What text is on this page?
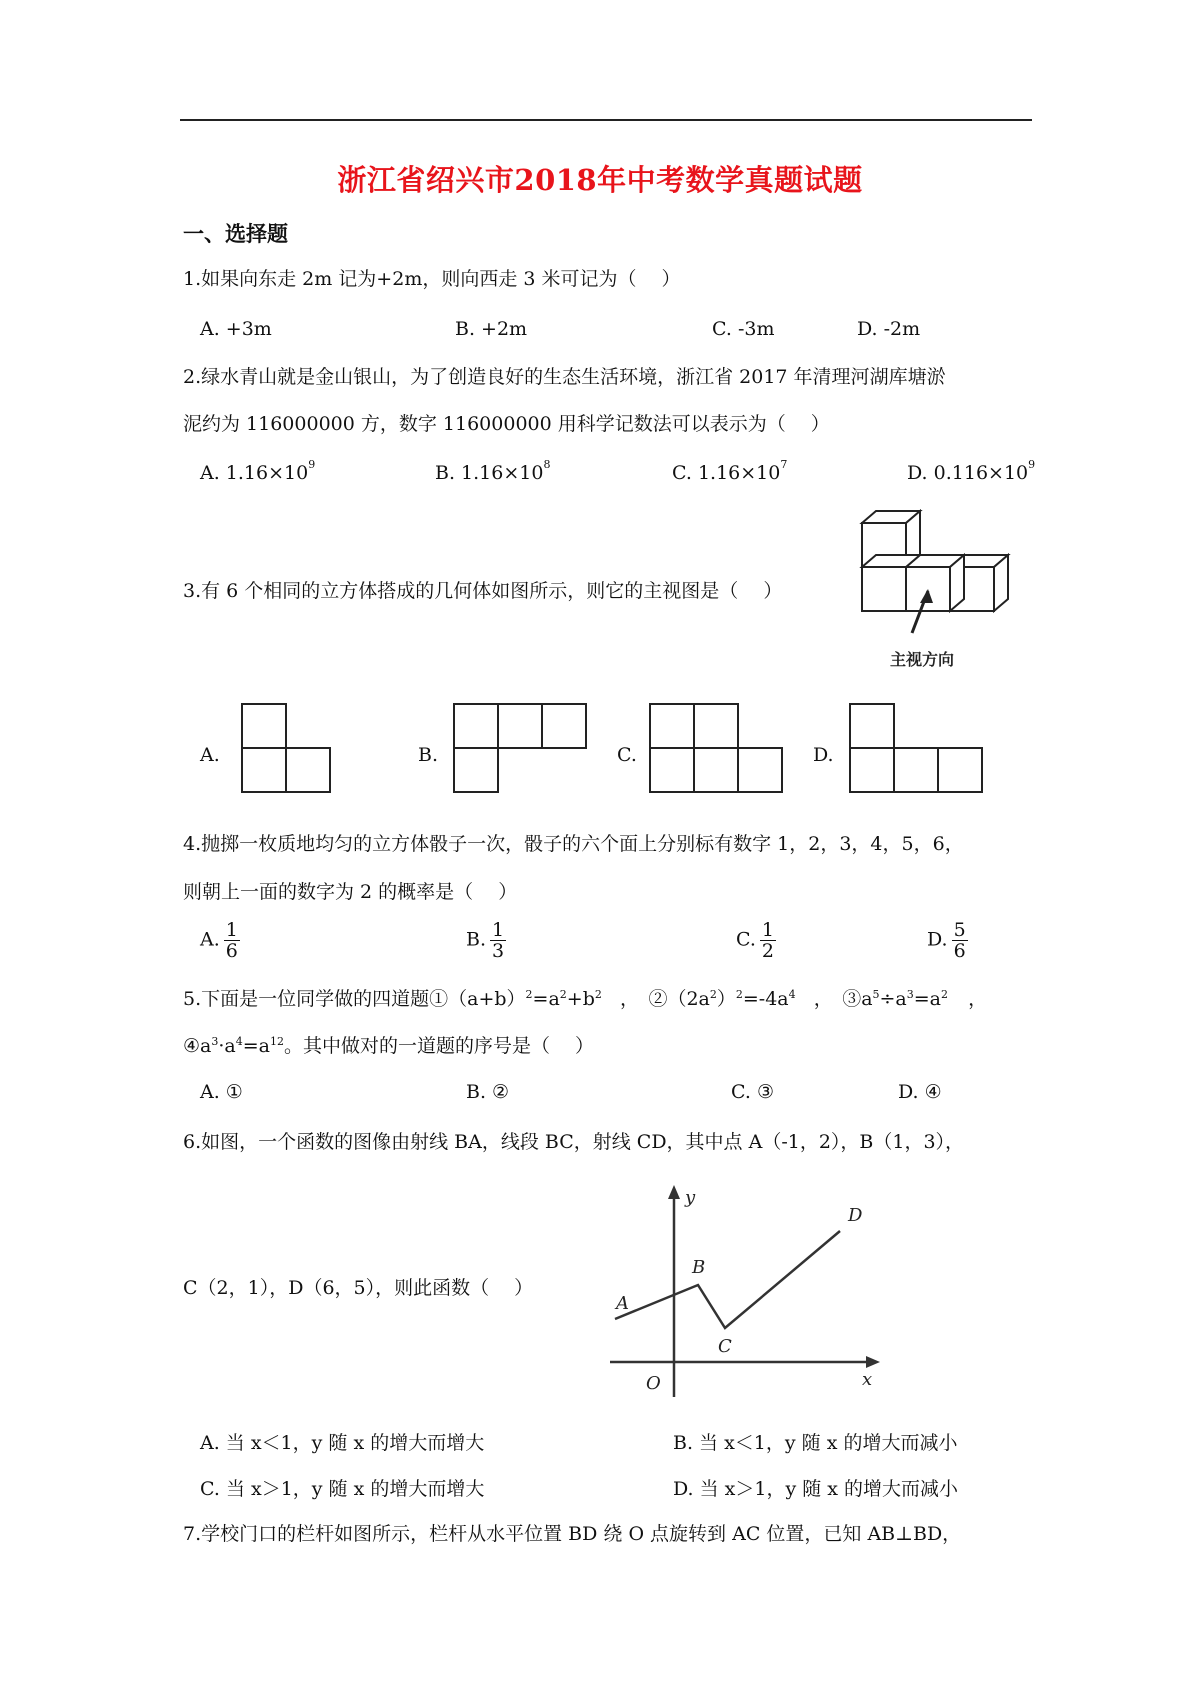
浙江省绍兴市2018年中考数学真题试题
一、选择题
1.如果向东走 2m 记为+2m，则向西走 3 米可记为（　 ）
A. +3m	B. +2m	C. -3m	D. -2m
2.绿水青山就是金山银山，为了创造良好的生态生活环境，浙江省 2017 年清理河湖库塘淤
泥约为 116000000 方，数字 116000000 用科学记数法可以表示为（　 ）
A. $1.16\times 10^9$	B. $1.16\times 10^8$	C. $1.16\times 10^7$	D. $0.116\times 10^9$
3.有 6 个相同的立方体搭成的几何体如图所示，则它的主视图是（　 ）
主视方向
A.	B.	C.	D.
4.抛掷一枚质地均匀的立方体骰子一次，骰子的六个面上分别标有数字 1，2，3，4，5，6，
则朝上一面的数字为 2 的概率是（　 ）
A. $\frac{1}{6}$	B. $\frac{1}{3}$	C. $\frac{1}{2}$	D. $\frac{5}{6}$
5.下面是一位同学做的四道题$①(a+b)^2=a^2+b^2$ ，　$②(2a^2)^2=-4a^4$ ，　$③a^5\div a^3=a^2$ ，
$④a^3\cdot a^4=a^{12}$。其中做对的一道题的序号是（　 ）
A. ①	B. ②	C. ③	D. ④
6.如图，一个函数的图像由射线 BA，线段 BC，射线 CD，其中点 A（-1，2），B（1，3），
C（2，1），D（6，5），则此函数（　 ）
y
x
O
A
B
C
D
A. 当 x＜1，y 随 x 的增大而增大	B. 当 x＜1，y 随 x 的增大而减小
C. 当 x＞1，y 随 x 的增大而增大	D. 当 x＞1，y 随 x 的增大而减小
7.学校门口的栏杆如图所示，栏杆从水平位置 BD 绕 O 点旋转到 AC 位置，已知 AB⊥BD，
